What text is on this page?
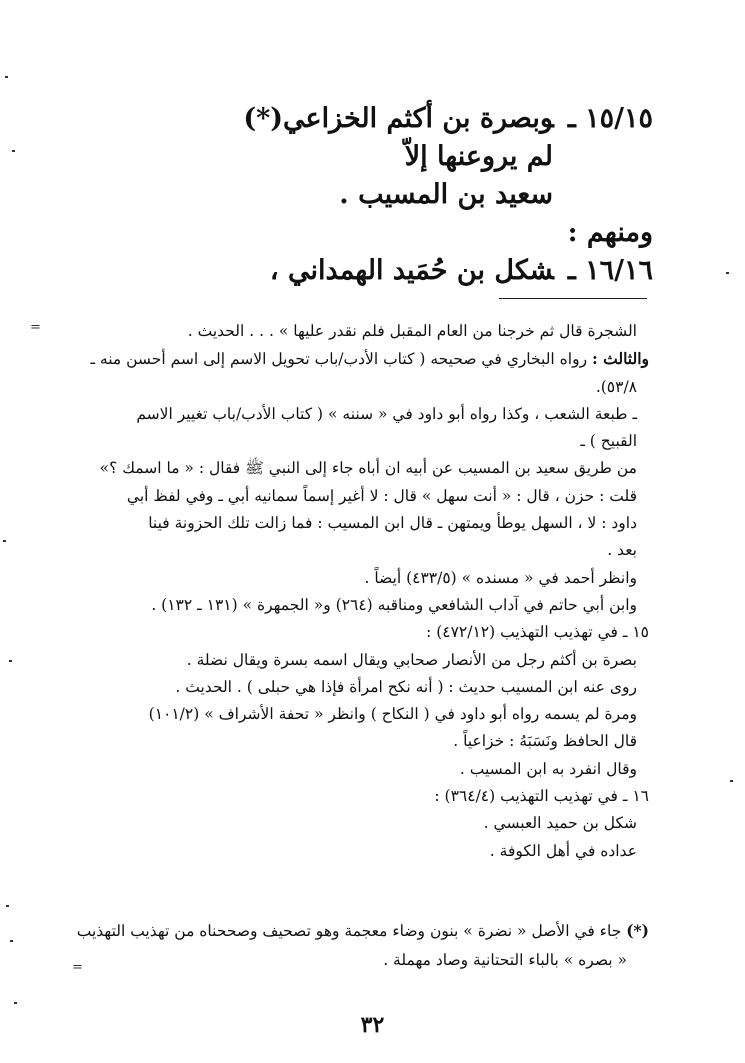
١٥/١٥ ـوبصرة بن أكثم الخزاعي(*)
لم يروعنها إلاّ
سعيد بن المسيب .
ومنهم :
١٦/١٦ ـشكل بن حُمَيد الهمداني ،
=	الشجرة قال ثم خرجنا من العام المقبل فلم نقدر عليها » . . . الحديث .
والثالث : رواه البخاري في صحيحه ( كتاب الأدب/باب تحويل الاسم إلى اسم أحسن منه ـ
٥٣/٨).
ـ طبعة الشعب ، وكذا رواه أبو داود في « سننه » ( كتاب الأدب/باب تغيير الاسم
القبيح ) ـ
من طريق سعيد بن المسيب عن أبيه ان أباه جاء إلى النبي ﷺ فقال : « ما اسمك ؟»
قلت : حزن ، قال : « أنت سهل » قال : لا أغير إسماً سمانيه أبي ـ وفي لفظ أبي
داود : لا ، السهل يوطأ ويمتهن ـ قال ابن المسيب : فما زالت تلك الحزونة فينا
بعد .
وانظر أحمد في « مسنده » (٤٣٣/٥) أيضاً .
وابن أبي حاتم في آداب الشافعي ومناقبه (٢٦٤) و« الجمهرة » (١٣١ ـ ١٣٢) .
١٥ ـ في تهذيب التهذيب (٤٧٢/١٢) :
بصرة بن أكثم رجل من الأنصار صحابي ويقال اسمه بسرة ويقال نضلة .
روى عنه ابن المسيب حديث : ( أنه نكح امرأة فإذا هي حبلى ) . الحديث .
ومرة لم يسمه رواه أبو داود في ( النكاح ) وانظر « تحفة الأشراف » (١٠١/٢)
قال الحافظ ونَسَبَهُ : خزاعياً .
وقال انفرد به ابن المسيب .
١٦ ـ في تهذيب التهذيب (٣٦٤/٤) :
شكل بن حميد العبسي .
عداده في أهل الكوفة .
(*) جاء في الأصل « نضرة » بنون وضاء معجمة وهو تصحيف وصححناه من تهذيب التهذيب
« بصره » بالباء التحتانية وصاد مهملة .
=
٣٢
